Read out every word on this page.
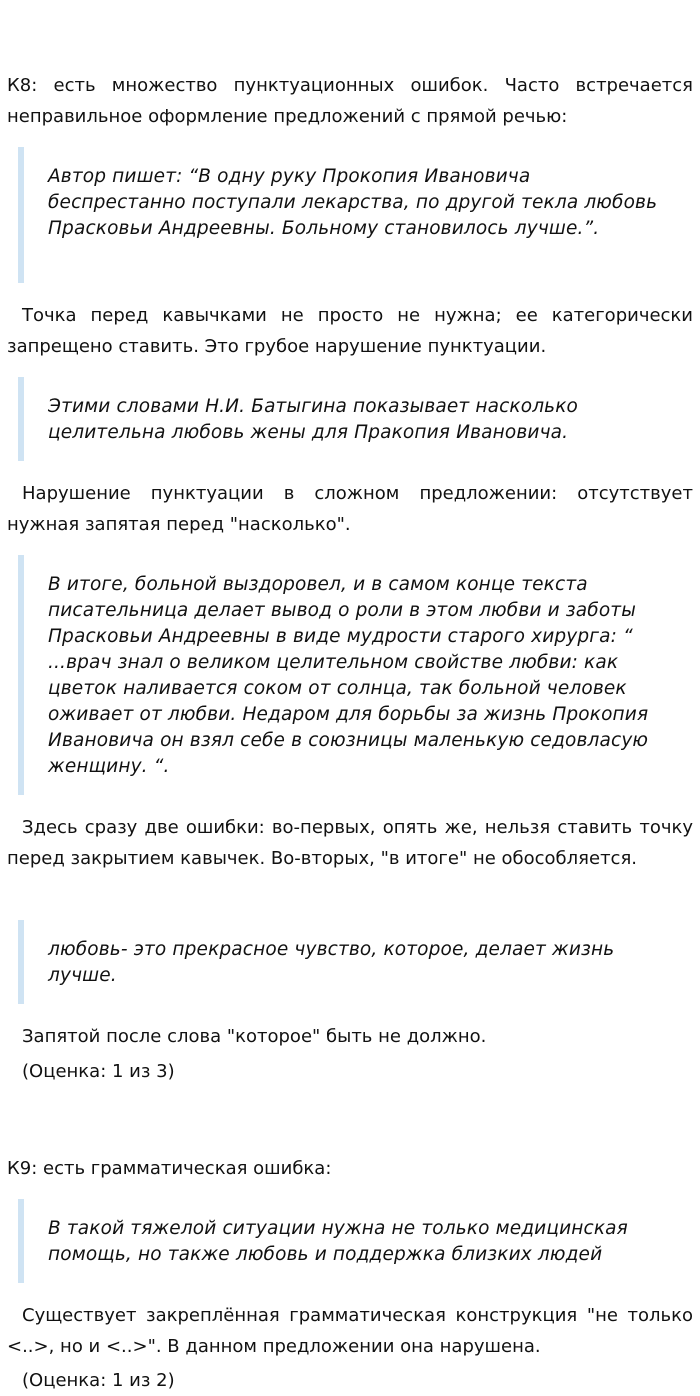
К8: есть множество пунктуационных ошибок. Часто встречается неправильное оформление предложений с прямой речью:

Автор пишет: “В одну руку Прокопия Ивановича беспрестанно поступали лекарства, по другой текла любовь Прасковьи Андреевны. Больному становилось лучше.”.

Точка перед кавычками не просто не нужна; ее категорически запрещено ставить. Это грубое нарушение пунктуации.

Этими словами Н.И. Батыгина показывает насколько целительна любовь жены для Пракопия Ивановича.

Нарушение пунктуации в сложном предложении: отсутствует нужная запятая перед "насколько".

В итоге, больной выздоровел, и в самом конце текста писательница делает вывод о роли в этом любви и заботы Прасковьи Андреевны в виде мудрости старого хирурга: “ ...врач знал о великом целительном свойстве любви: как цветок наливается соком от солнца, так больной человек оживает от любви. Недаром для борьбы за жизнь Прокопия Ивановича он взял себе в союзницы маленькую седовласую женщину. “.

Здесь сразу две ошибки: во-первых, опять же, нельзя ставить точку перед закрытием кавычек. Во-вторых, "в итоге" не обособляется.

любовь- это прекрасное чувство, которое, делает жизнь лучше.

Запятой после слова "которое" быть не должно.

(Оценка: 1 из 3)

К9: есть грамматическая ошибка:

В такой тяжелой ситуации нужна не только медицинская помощь, но также любовь и поддержка близких людей

Существует закреплённая грамматическая конструкция "не только <..>, но и <..>". В данном предложении она нарушена.

(Оценка: 1 из 2)
